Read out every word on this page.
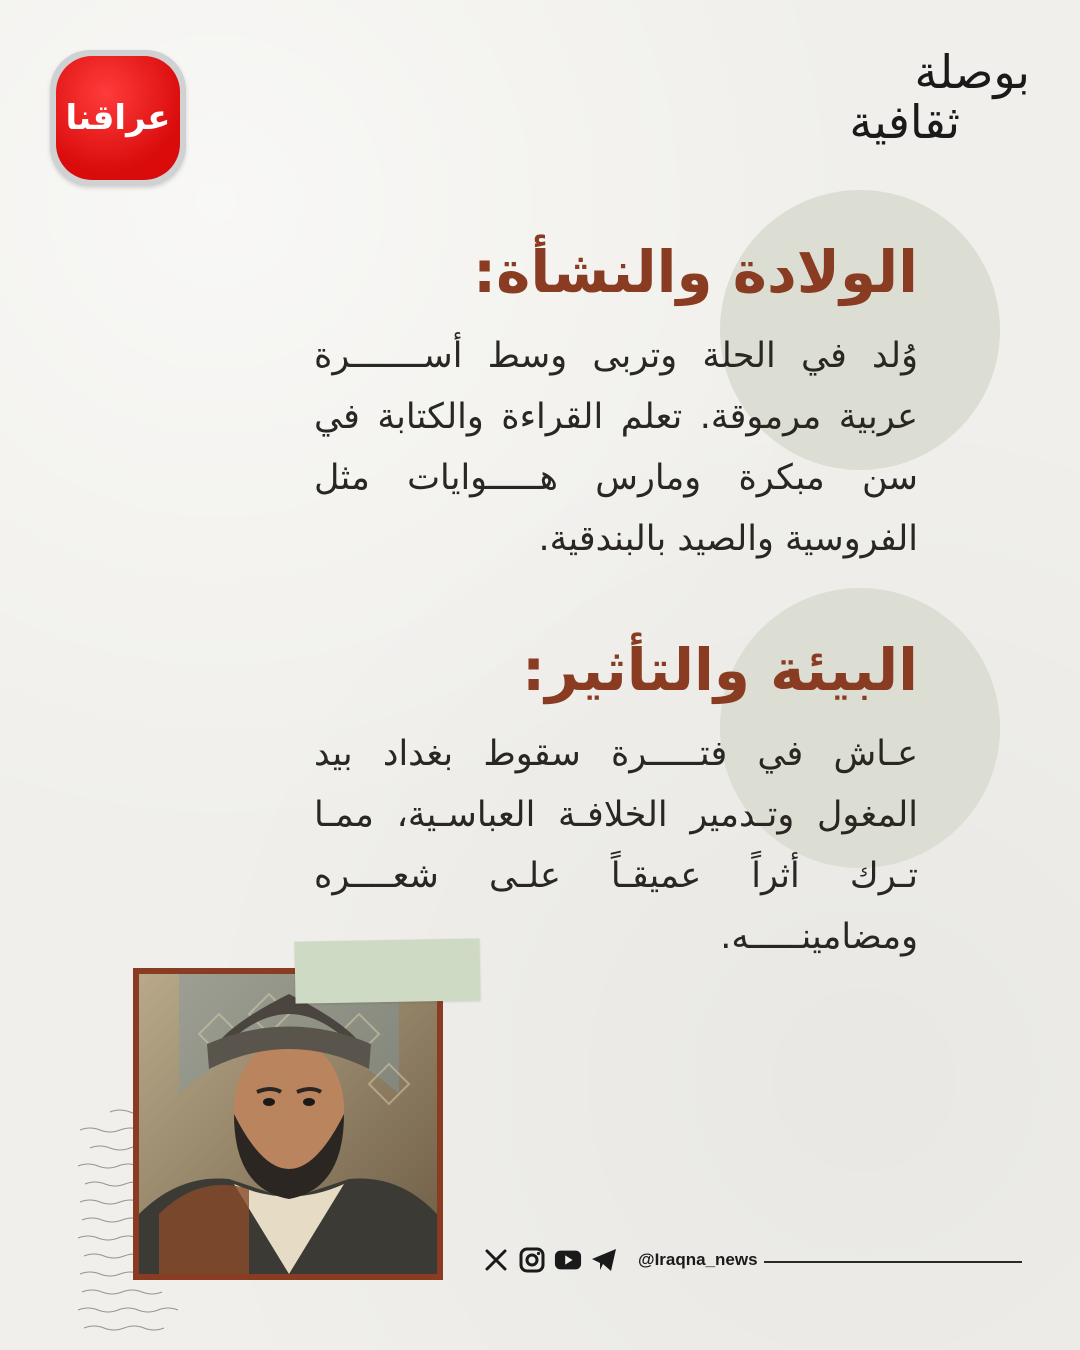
عراقنا
بوصلة
ثقافية
الولادة والنشأة:
وُلد في الحلة وتربى وسط أســـــــرة عربية مرموقة. تعلم القراءة والكتابة في سن مبكرة ومارس هـــــوايات مثل الفروسية والصيد بالبندقية.
البيئة والتأثير:
عـاش في فتـــــرة سقوط بغداد بيد المغول وتـدمير الخلافـة العباسـية، ممـا تـرك أثراً عميقـاً علـى شعــــره ومضامينـــــه.
@Iraqna_news
